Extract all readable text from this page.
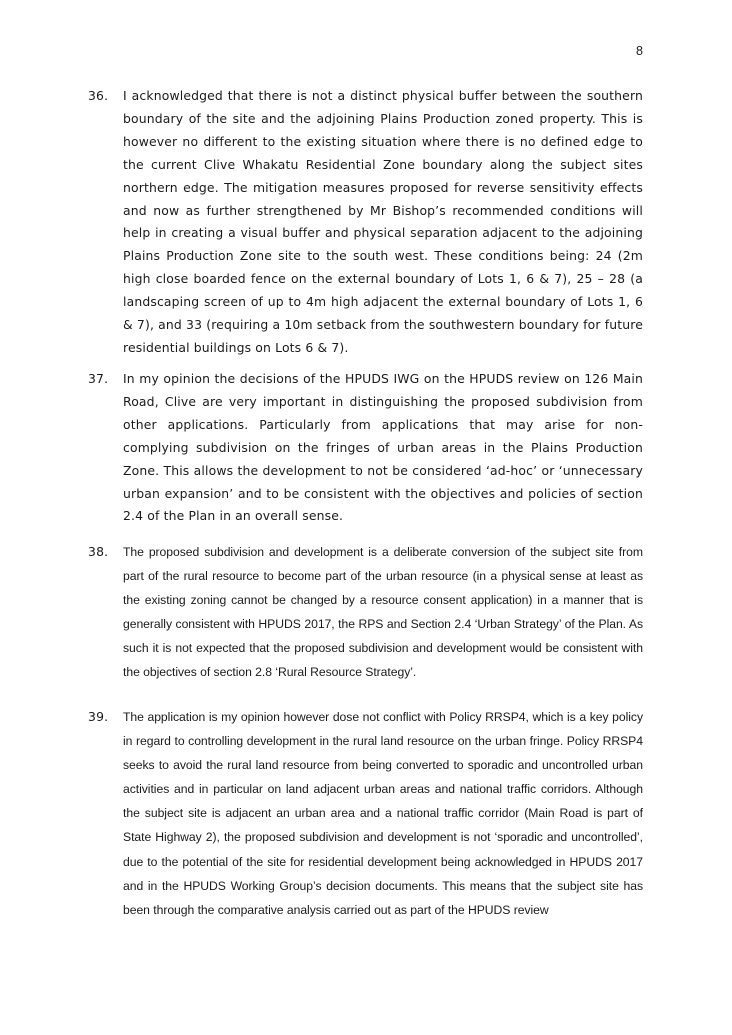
8
36.	I acknowledged that there is not a distinct physical buffer between the southern boundary of the site and the adjoining Plains Production zoned property. This is however no different to the existing situation where there is no defined edge to the current Clive Whakatu Residential Zone boundary along the subject sites northern edge. The mitigation measures proposed for reverse sensitivity effects and now as further strengthened by Mr Bishop’s recommended conditions will help in creating a visual buffer and physical separation adjacent to the adjoining Plains Production Zone site to the south west. These conditions being: 24 (2m high close boarded fence on the external boundary of Lots 1, 6 & 7), 25 – 28 (a landscaping screen of up to 4m high adjacent the external boundary of Lots 1, 6 & 7), and 33 (requiring a 10m setback from the southwestern boundary for future residential buildings on Lots 6 & 7).
37.	In my opinion the decisions of the HPUDS IWG on the HPUDS review on 126 Main Road, Clive are very important in distinguishing the proposed subdivision from other applications. Particularly from applications that may arise for non-complying subdivision on the fringes of urban areas in the Plains Production Zone. This allows the development to not be considered ‘ad-hoc’ or ‘unnecessary urban expansion’ and to be consistent with the objectives and policies of section 2.4 of the Plan in an overall sense.
38.	The proposed subdivision and development is a deliberate conversion of the subject site from part of the rural resource to become part of the urban resource (in a physical sense at least as the existing zoning cannot be changed by a resource consent application) in a manner that is generally consistent with HPUDS 2017, the RPS and Section 2.4 ‘Urban Strategy’ of the Plan. As such it is not expected that the proposed subdivision and development would be consistent with the objectives of section 2.8 ‘Rural Resource Strategy’.
39.	The application is my opinion however dose not conflict with Policy RRSP4, which is a key policy in regard to controlling development in the rural land resource on the urban fringe. Policy RRSP4 seeks to avoid the rural land resource from being converted to sporadic and uncontrolled urban activities and in particular on land adjacent urban areas and national traffic corridors. Although the subject site is adjacent an urban area and a national traffic corridor (Main Road is part of State Highway 2), the proposed subdivision and development is not ‘sporadic and uncontrolled’, due to the potential of the site for residential development being acknowledged in HPUDS 2017 and in the HPUDS Working Group’s decision documents. This means that the subject site has been through the comparative analysis carried out as part of the HPUDS review
